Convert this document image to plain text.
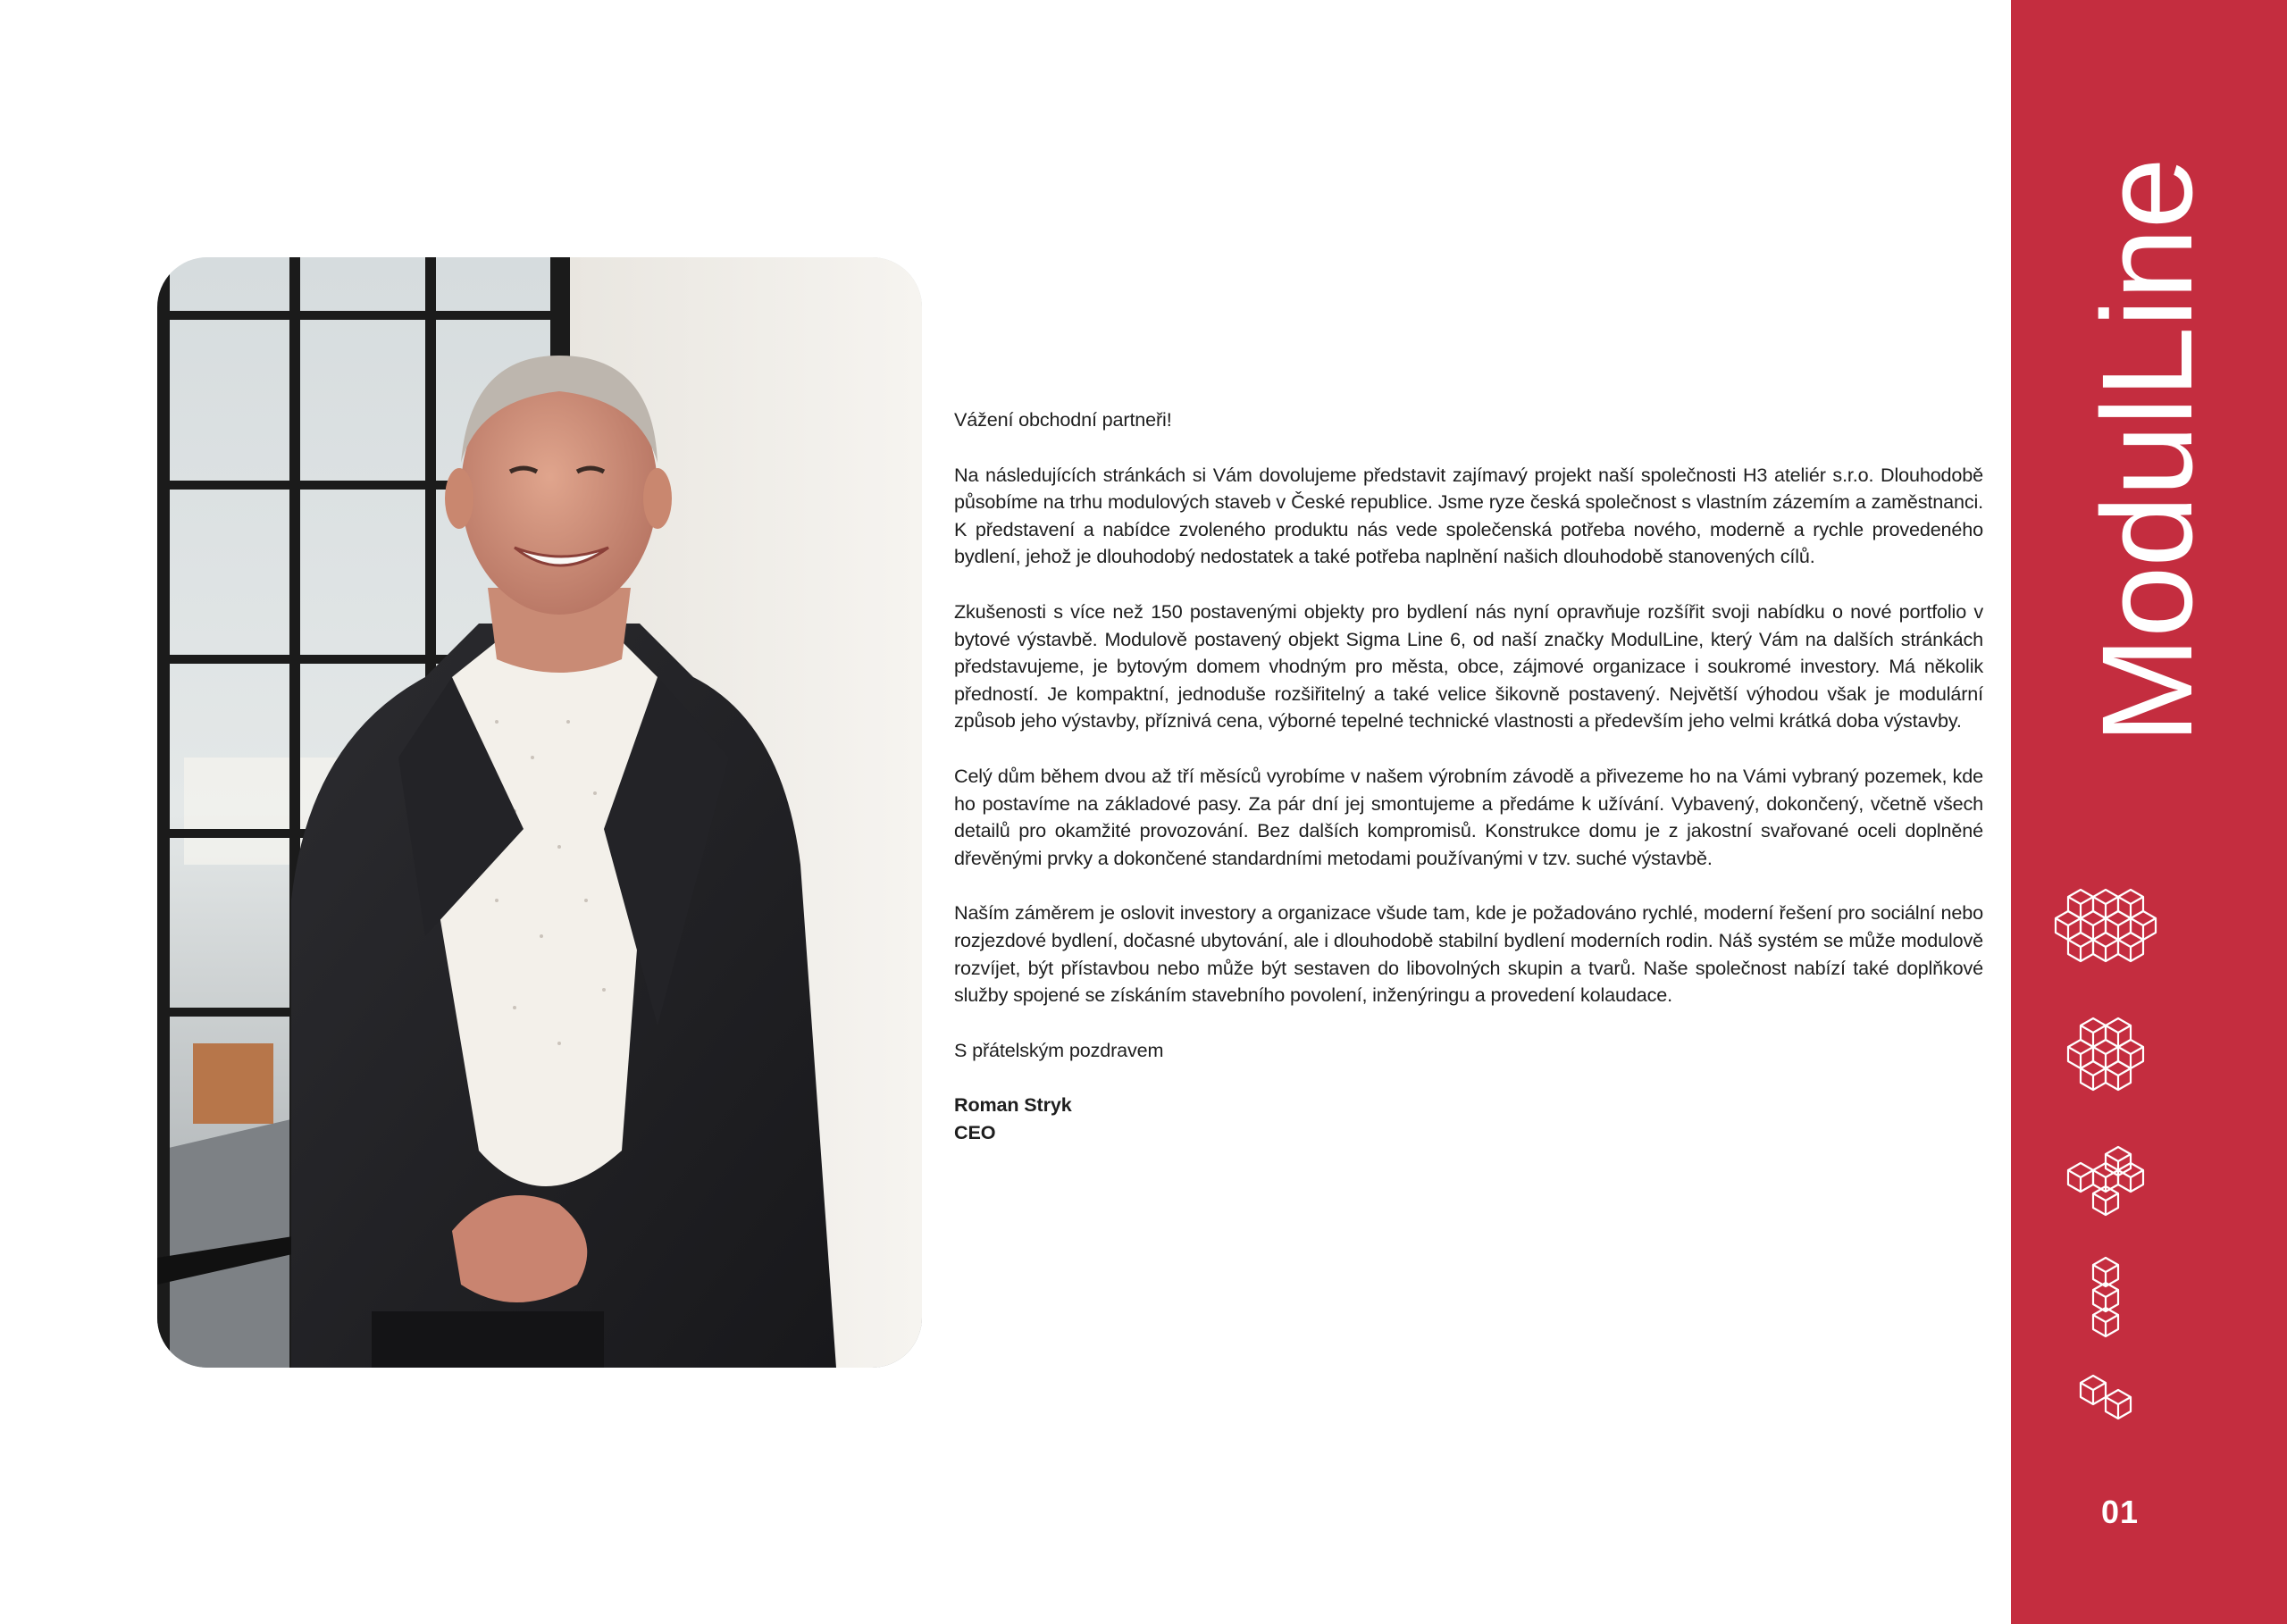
Vážení obchodní partneři!

Na následujících stránkách si Vám dovolujeme představit zajímavý projekt naší společnosti H3 ateliér s.r.o. Dlouhodobě působíme na trhu modulových staveb v České republice. Jsme ryze česká společnost s vlastním zázemím a zaměstnanci. K představení a nabídce zvoleného produktu nás vede společenská potřeba nového, moderně a rychle provedeného bydlení, jehož je dlouhodobý nedostatek a také potřeba naplnění našich dlouhodobě stanovených cílů.

Zkušenosti s více než 150 postavenými objekty pro bydlení nás nyní opravňuje rozšířit svoji nabídku o nové portfolio v bytové výstavbě. Modulově postavený objekt Sigma Line 6, od naší značky ModulLine, který Vám na dalších stránkách představujeme, je bytovým domem vhodným pro města, obce, zájmové organizace i soukromé investory. Má několik předností. Je kompaktní, jednoduše rozšiřitelný a také velice šikovně postavený. Největší výhodou však je modulární způsob jeho výstavby, příznivá cena, výborné tepelné technické vlastnosti a především jeho velmi krátká doba výstavby.

Celý dům během dvou až tří měsíců vyrobíme v našem výrobním závodě a přivezeme ho na Vámi vybraný pozemek, kde ho postavíme na základové pasy. Za pár dní jej smontujeme a předáme k užívání. Vybavený, dokončený, včetně všech detailů pro okamžité provozování. Bez dalších kompromisů. Konstrukce domu je z jakostní svařované oceli doplněné dřevěnými prvky a dokončené standardními metodami používanými v tzv. suché výstavbě.

Naším záměrem je oslovit investory a organizace všude tam, kde je požadováno rychlé, moderní řešení pro sociální nebo rozjezdové bydlení, dočasné ubytování, ale i dlouhodobě stabilní bydlení moderních rodin. Náš systém se může modulově rozvíjet, být přístavbou nebo může být sestaven do libovolných skupin a tvarů. Naše společnost nabízí také doplňkové služby spojené se získáním stavebního povolení, inženýringu a provedení kolaudace.

S přátelským pozdravem

Roman Stryk
CEO
ModulLine
01
